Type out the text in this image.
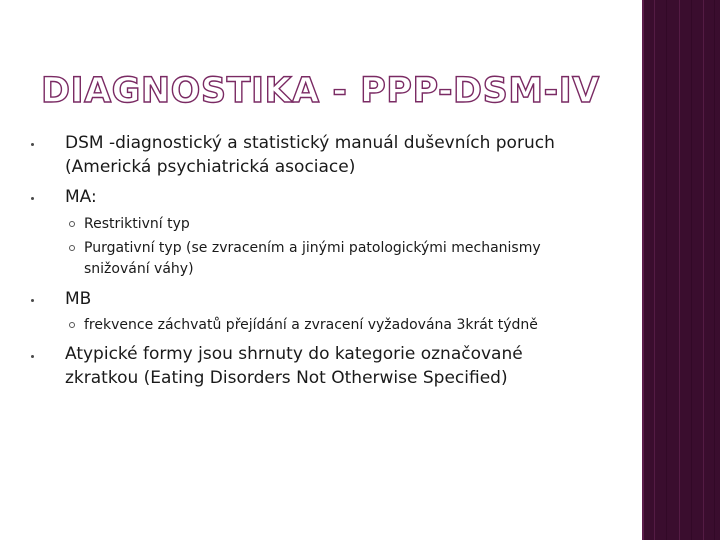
DIAGNOSTIKA - PPP-DSM-IV
DSM -diagnostický a statistický manuál duševních poruch
(Americká psychiatrická asociace)
MA:
Restriktivní typ
Purgativní typ (se zvracením a jinými patologickými mechanismy
snižování váhy)
MB
frekvence záchvatů přejídání a zvracení vyžadována 3krát týdně
Atypické formy jsou shrnuty do kategorie označované
zkratkou (Eating Disorders Not Otherwise Specified)
